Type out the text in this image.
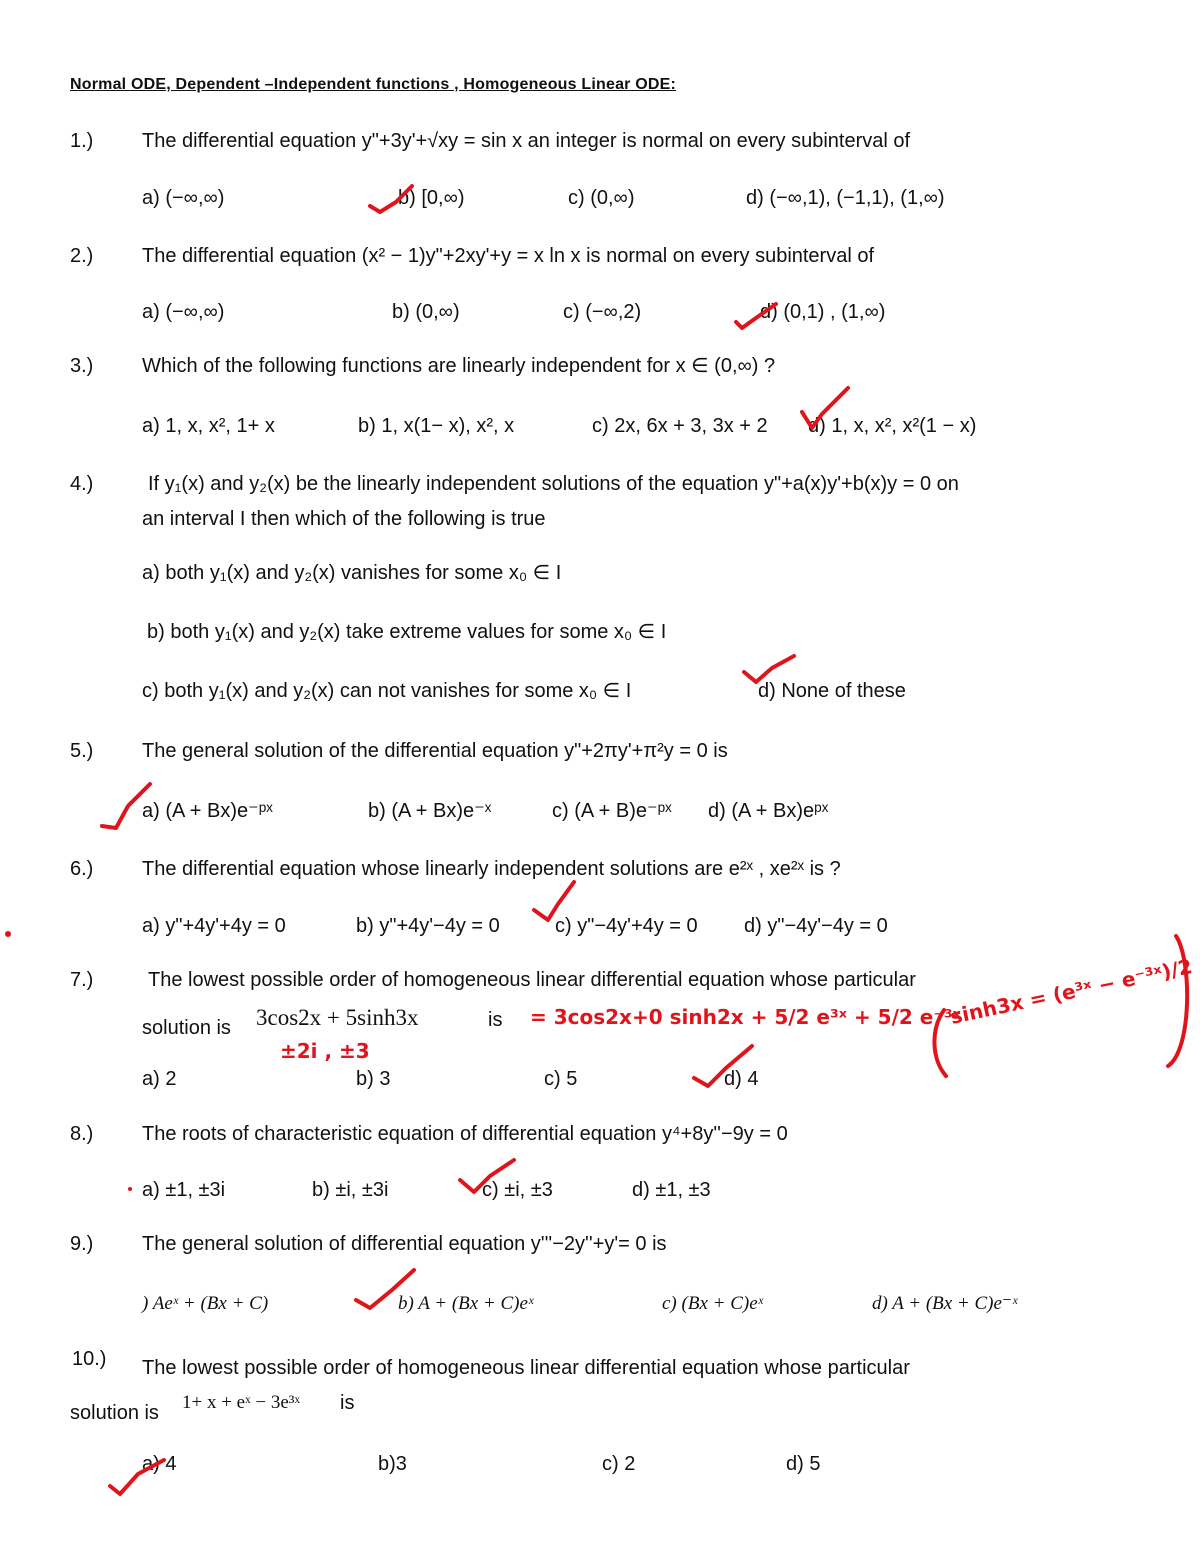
Normal ODE, Dependent –Independent functions , Homogeneous Linear ODE:
1.) The differential equation y"+3y'+√xy = sin x an integer is normal on every subinterval of
a) (−∞,∞)	b) [0,∞)	c) (0,∞)	d) (−∞,1), (−1,1), (1,∞)
2.) The differential equation (x² − 1)y"+2xy'+y = x ln x is normal on every subinterval of
a) (−∞,∞)	b) (0,∞)	c) (−∞,2)	d) (0,1) , (1,∞)
3.) Which of the following functions are linearly independent for x ∈ (0,∞) ?
a) 1, x, x², 1+ x	b) 1, x(1− x), x², x	c) 2x, 6x + 3, 3x + 2 d) 1, x, x², x²(1 − x)
4.)	If y₁(x) and y₂(x) be the linearly independent solutions of the equation y"+a(x)y'+b(x)y = 0 on
an interval I then which of the following is true
a) both y₁(x) and y₂(x) vanishes for some x₀ ∈ I
b) both y₁(x) and y₂(x) take extreme values for some x₀ ∈ I
c) both y₁(x) and y₂(x) can not vanishes for some x₀ ∈ I	d) None of these
5.) The general solution of the differential equation y"+2πy'+π²y = 0 is
a) (A + Bx)e⁻ᵖˣ	b) (A + Bx)e⁻ˣ	c) (A + B)e⁻ᵖˣ d) (A + Bx)eᵖˣ
6.) The differential equation whose linearly independent solutions are e²ˣ , xe²ˣ is ?
a) y"+4y'+4y = 0	b) y"+4y'−4y = 0	c) y"−4y'+4y = 0 d) y"−4y'−4y = 0
7.)	The lowest possible order of homogeneous linear differential equation whose particular
solution is 3cos2x + 5sinh3x	is
a) 2	b) 3	c) 5	d) 4
8.) The roots of characteristic equation of differential equation y⁴+8y''−9y = 0
a) ±1, ±3i	b) ±i, ±3i	c) ±i, ±3	d) ±1, ±3
9.) The general solution of differential equation y'''−2y''+y'= 0 is
) Aeˣ + (Bx + C)	b) A + (Bx + C)eˣ	c) (Bx + C)eˣ	d) A + (Bx + C)e⁻ˣ
10.) The lowest possible order of homogeneous linear differential equation whose particular
solution is 1+ x + eˣ − 3e³ˣ is
a) 4	b)3	c) 2	d) 5
= 3cos2x+0 sinh2x + 5/2 e³ˣ + 5/2 e⁻³ˣ
sinh3x = (e³ˣ − e⁻³ˣ)/2
±2i , ±3
